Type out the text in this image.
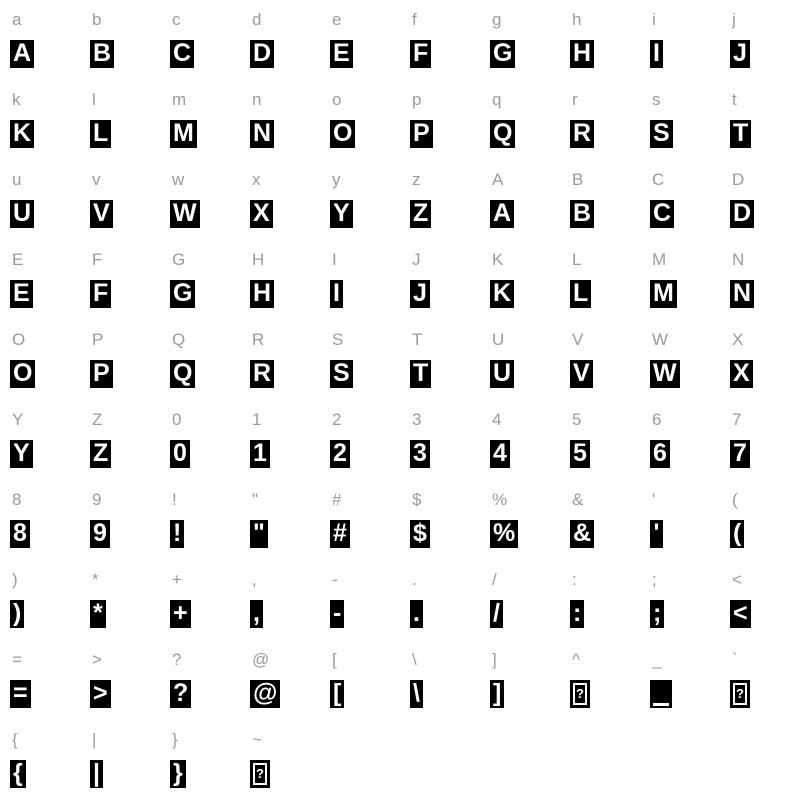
a
A
b
B
c
C
d
D
e
E
f
F
g
G
h
H
i
I
j
J
k
K
l
L
m
M
n
N
o
O
p
P
q
Q
r
R
s
S
t
T
u
U
v
V
w
W
x
X
y
Y
z
Z
A
A
B
B
C
C
D
D
E
E
F
F
G
G
H
H
I
I
J
J
K
K
L
L
M
M
N
N
O
O
P
P
Q
Q
R
R
S
S
T
T
U
U
V
V
W
W
X
X
Y
Y
Z
Z
0
0
1
1
2
2
3
3
4
4
5
5
6
6
7
7
8
8
9
9
!
!
"
"
#
#
$
$
%
%
&
&
'
'
(
(
)
)
*
*
+
+
,
,
-
-
.
.
/
/
:
:
;
;
<
<
=
=
>
>
?
?
@
@
[
[
\
\
]
]
^
?
_	`
?
{
{
|
|
}
}
~
?
